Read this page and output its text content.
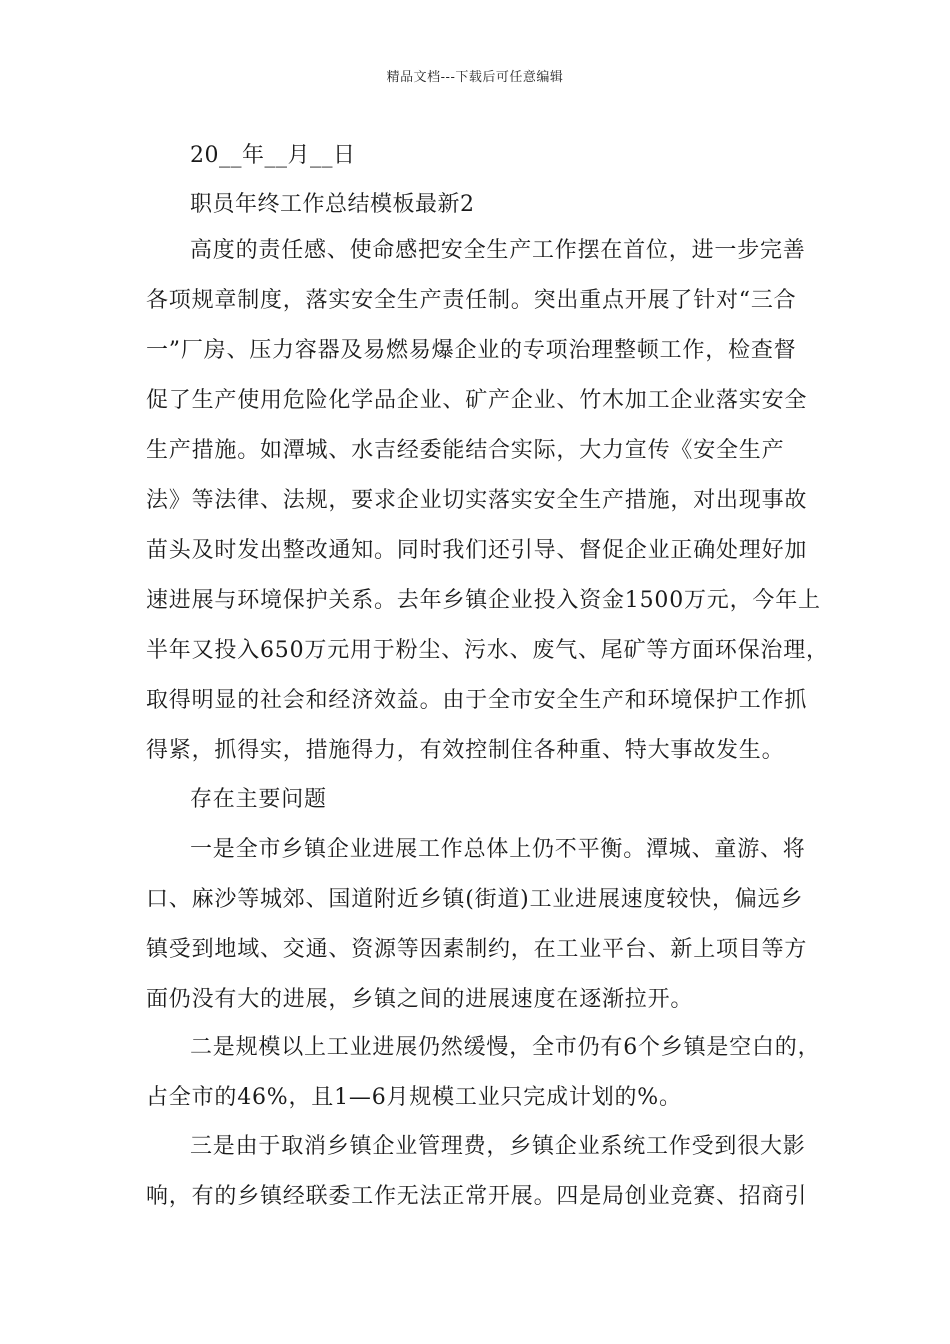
精品文档---下载后可任意编辑
20__年__月__日
职员年终工作总结模板最新2
高度的责任感、使命感把安全生产工作摆在首位，进一步完善
各项规章制度，落实安全生产责任制。突出重点开展了针对“三合
一”厂房、压力容器及易燃易爆企业的专项治理整顿工作，检查督
促了生产使用危险化学品企业、矿产企业、竹木加工企业落实安全
生产措施。如潭城、水吉经委能结合实际，大力宣传《安全生产
法》等法律、法规，要求企业切实落实安全生产措施，对出现事故
苗头及时发出整改通知。同时我们还引导、督促企业正确处理好加
速进展与环境保护关系。去年乡镇企业投入资金1500万元，今年上
半年又投入650万元用于粉尘、污水、废气、尾矿等方面环保治理，
取得明显的社会和经济效益。由于全市安全生产和环境保护工作抓
得紧，抓得实，措施得力，有效控制住各种重、特大事故发生。
存在主要问题
一是全市乡镇企业进展工作总体上仍不平衡。潭城、童游、将
口、麻沙等城郊、国道附近乡镇(街道)工业进展速度较快，偏远乡
镇受到地域、交通、资源等因素制约，在工业平台、新上项目等方
面仍没有大的进展，乡镇之间的进展速度在逐渐拉开。
二是规模以上工业进展仍然缓慢，全市仍有6个乡镇是空白的，
占全市的46%，且1—6月规模工业只完成计划的%。
三是由于取消乡镇企业管理费，乡镇企业系统工作受到很大影
响，有的乡镇经联委工作无法正常开展。四是局创业竞赛、招商引
